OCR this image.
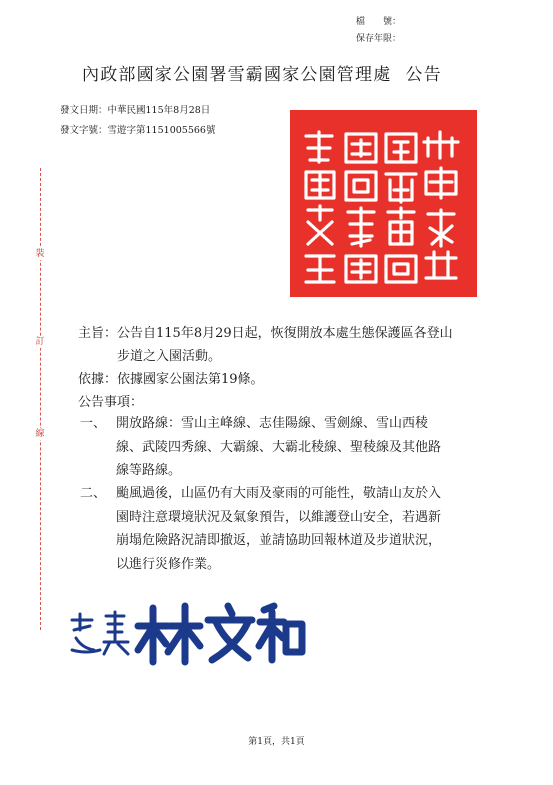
檔　　號：
保存年限：
內政部國家公園署雪霸國家公園管理處 公告
發文日期：中華民國115年8月28日
發文字號：雪遊字第1151005566號
裝
訂
線
主旨：公告自115年8月29日起，恢復開放本處生態保護區各登山
步道之入園活動。
依據：依據國家公園法第19條。
公告事項：
一、 開放路線：雪山主峰線、志佳陽線、雪劍線、雪山西稜
線、武陵四秀線、大霸線、大霸北稜線、聖稜線及其他路
線等路線。
二、 颱風過後，山區仍有大雨及豪雨的可能性，敬請山友於入
園時注意環境狀況及氣象預告，以維護登山安全，若遇新
崩塌危險路況請即撤返，並請協助回報林道及步道狀況，
以進行災修作業。
第1頁，共1頁
